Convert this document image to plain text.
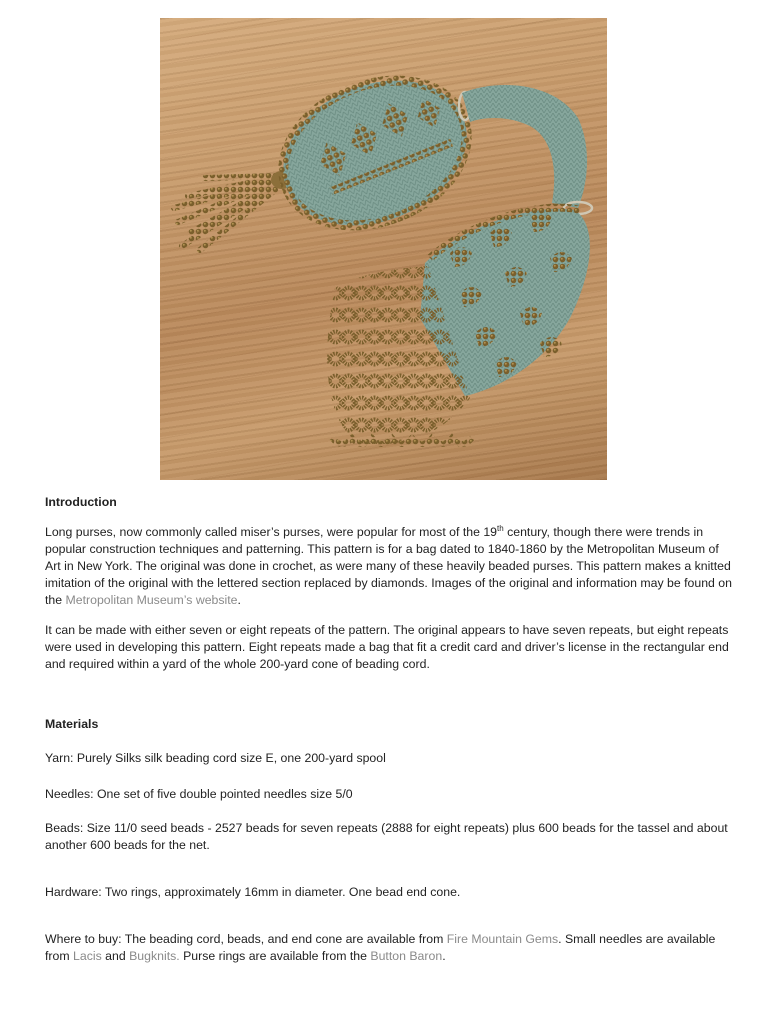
Introduction

Long purses, now commonly called miser’s purses, were popular for most of the 19th century, though there were trends in popular construction techniques and patterning. This pattern is for a bag dated to 1840-1860 by the Metropolitan Museum of Art in New York. The original was done in crochet, as were many of these heavily beaded purses. This pattern makes a knitted imitation of the original with the lettered section replaced by diamonds. Images of the original and information may be found on the Metropolitan Museum’s website.

It can be made with either seven or eight repeats of the pattern. The original appears to have seven repeats, but eight repeats were used in developing this pattern. Eight repeats made a bag that fit a credit card and driver’s license in the rectangular end and required within a yard of the whole 200-yard cone of beading cord.

Materials

Yarn: Purely Silks silk beading cord size E, one 200-yard spool

Needles: One set of five double pointed needles size 5/0

Beads: Size 11/0 seed beads - 2527 beads for seven repeats (2888 for eight repeats) plus 600 beads for the tassel and about another 600 beads for the net.

Hardware: Two rings, approximately 16mm in diameter. One bead end cone.

Where to buy: The beading cord, beads, and end cone are available from Fire Mountain Gems. Small needles are available from Lacis and Bugknits. Purse rings are available from the Button Baron.
